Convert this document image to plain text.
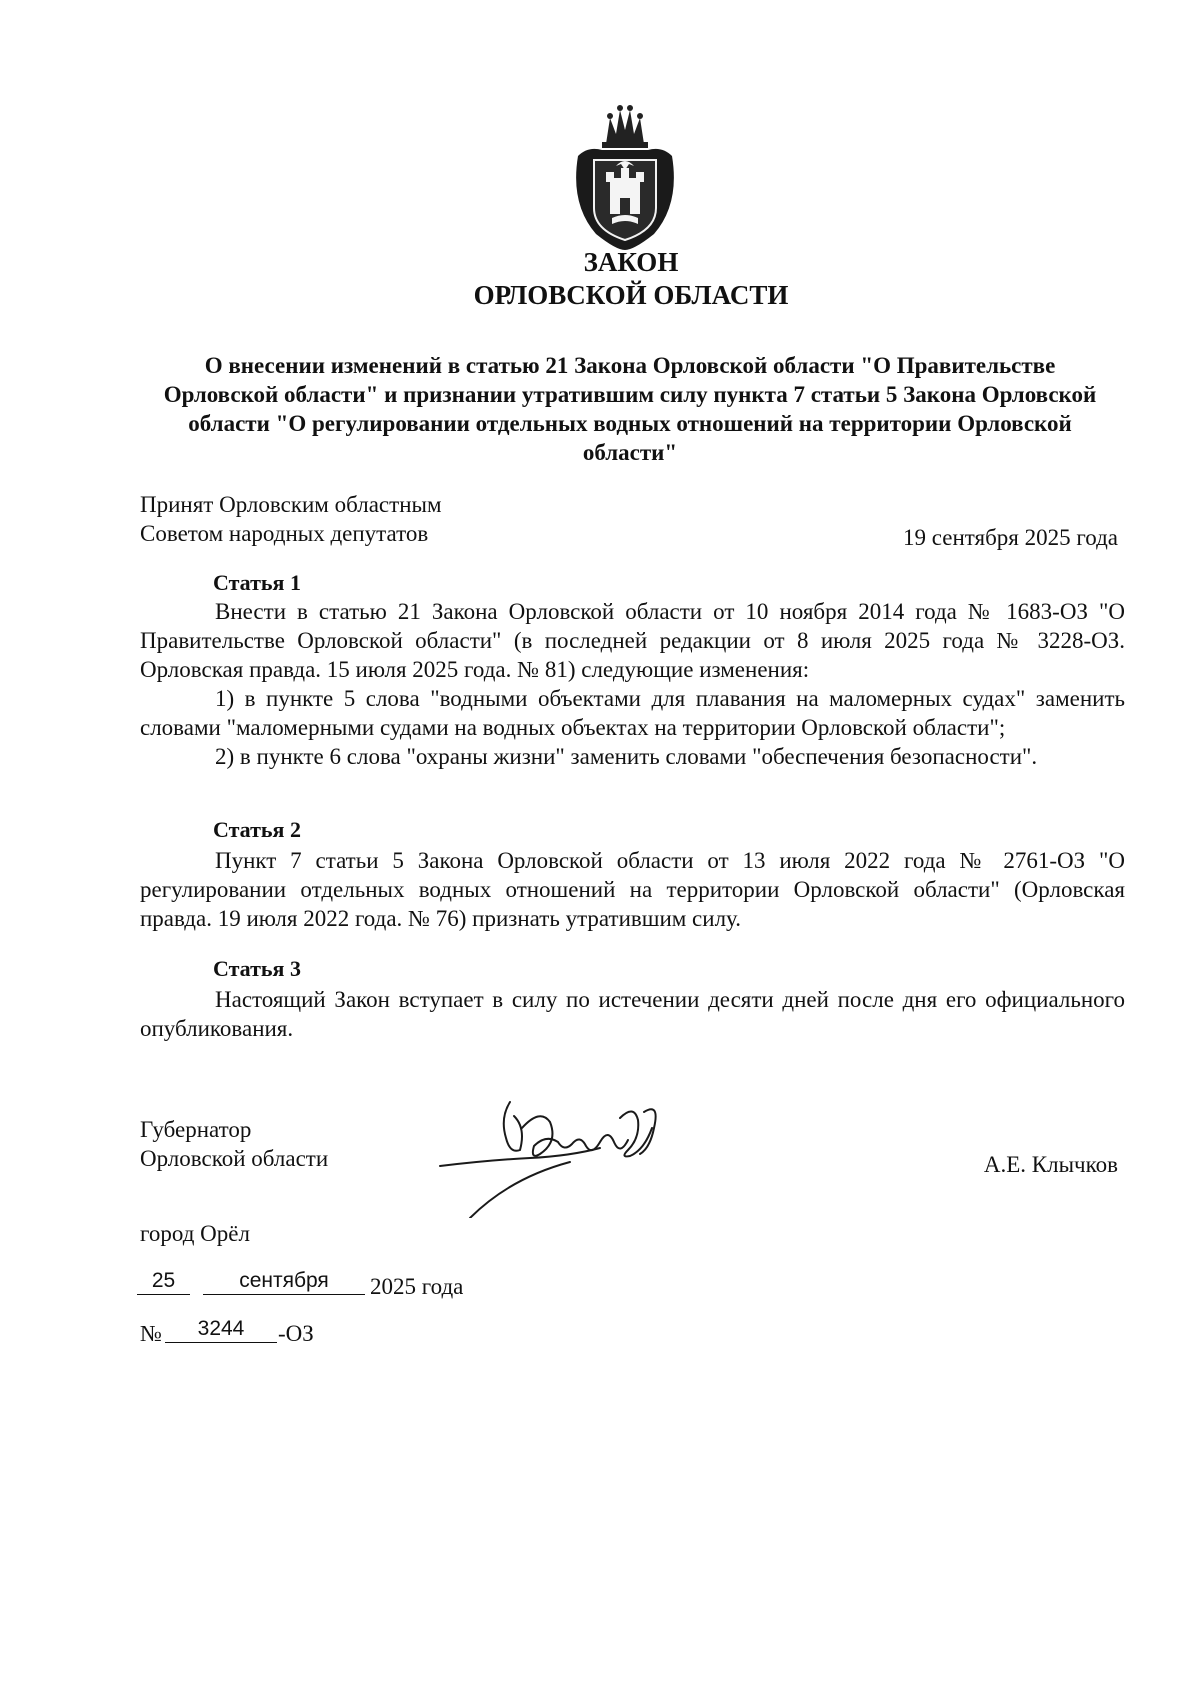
ЗАКОН
ОРЛОВСКОЙ ОБЛАСТИ
О внесении изменений в статью 21 Закона Орловской области "О Правительстве Орловской области" и признании утратившим силу пункта 7 статьи 5 Закона Орловской области "О регулировании отдельных водных отношений на территории Орловской области"
Принят Орловским областным
Советом народных депутатов	19 сентября 2025 года
Статья 1

Внести в статью 21 Закона Орловской области от 10 ноября 2014 года № 1683-ОЗ "О Правительстве Орловской области" (в последней редакции от 8 июля 2025 года № 3228-ОЗ. Орловская правда. 15 июля 2025 года. № 81) следующие изменения:

1) в пункте 5 слова "водными объектами для плавания на маломерных судах" заменить словами "маломерными судами на водных объектах на территории Орловской области";

2) в пункте 6 слова "охраны жизни" заменить словами "обеспечения безопасности".

Статья 2

Пункт 7 статьи 5 Закона Орловской области от 13 июля 2022 года № 2761-ОЗ "О регулировании отдельных водных отношений на территории Орловской области" (Орловская правда. 19 июля 2022 года. № 76) признать утратившим силу.

Статья 3

Настоящий Закон вступает в силу по истечении десяти дней после дня его официального опубликования.

Губернатор
Орловской области	А.Е. Клычков
город Орёл
25	сентября	2025 года
№	3244	-ОЗ
